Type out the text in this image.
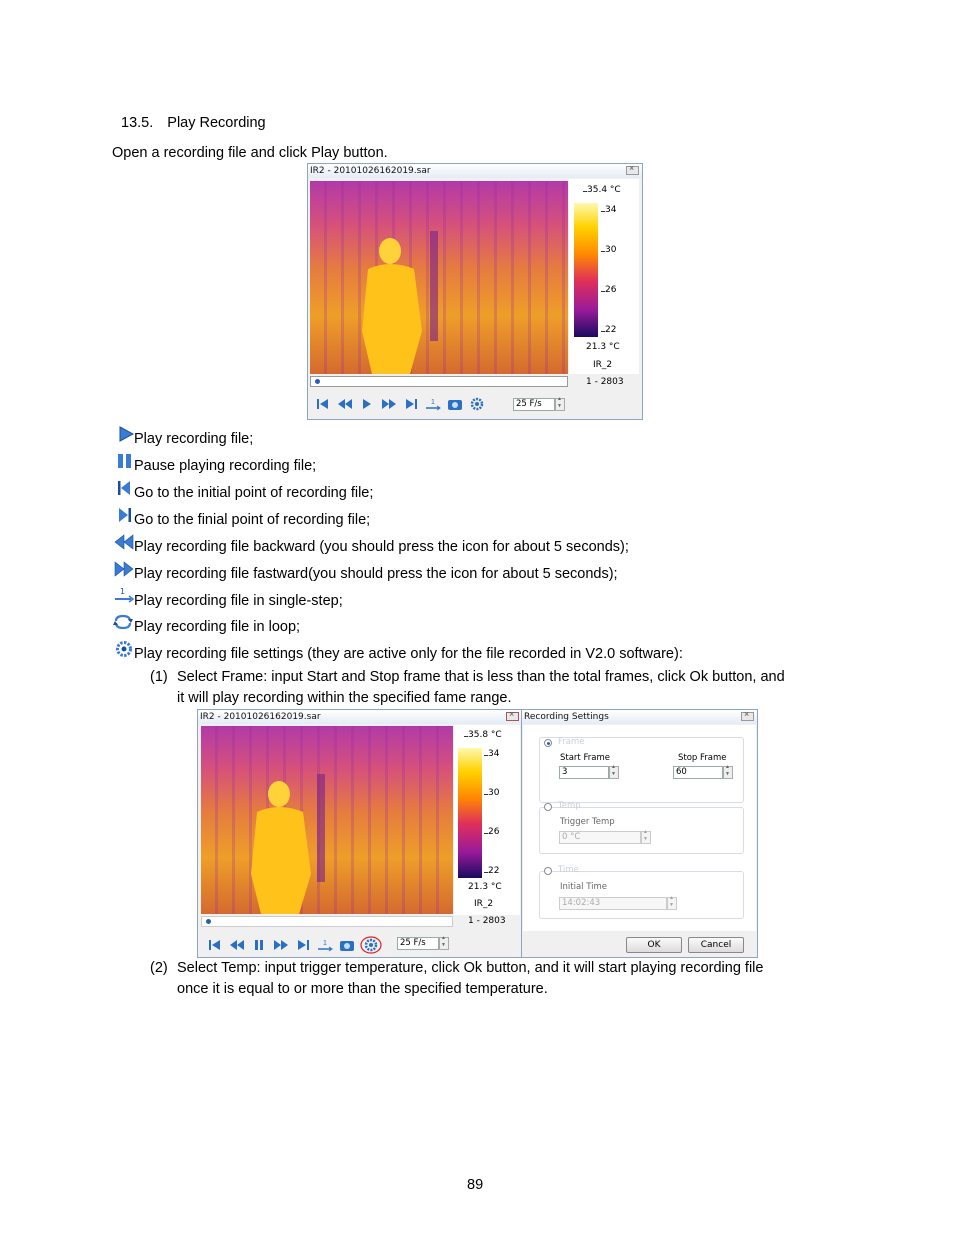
13.5. Play Recording
Open a recording file and click Play button.
IR2 - 20101026162019.sar
×
35.4 °C
34
30
26
22
21.3 °C
IR_2
1 - 2803
1	25 F/s
▲ ▼
Play recording file;
Pause playing recording file;
Go to the initial point of recording file;
Go to the finial point of recording file;
Play recording file backward (you should press the icon for about 5 seconds);
Play recording file fastward(you should press the icon for about 5 seconds);
1
Play recording file in single-step;
Play recording file in loop;
Play recording file settings (they are active only for the file recorded in V2.0 software):
(1) Select Frame: input Start and Stop frame that is less than the total frames, click Ok button, and
it will play recording within the specified fame range.
IR2 - 20101026162019.sar
×
35.8 °C
34
30
26
22
21.3 °C
IR_2
1 - 2803
1	25 F/s
▲ ▼
Recording Settings
×
Frame
Start Frame
3
▲ ▼
Stop Frame
60
▲ ▼
Temp
Trigger Temp
0 °C
▲ ▼
Time
Initial Time
14:02:43
▲ ▼
OK	Cancel
(2) Select Temp: input trigger temperature, click Ok button, and it will start playing recording file
once it is equal to or more than the specified temperature.
89
